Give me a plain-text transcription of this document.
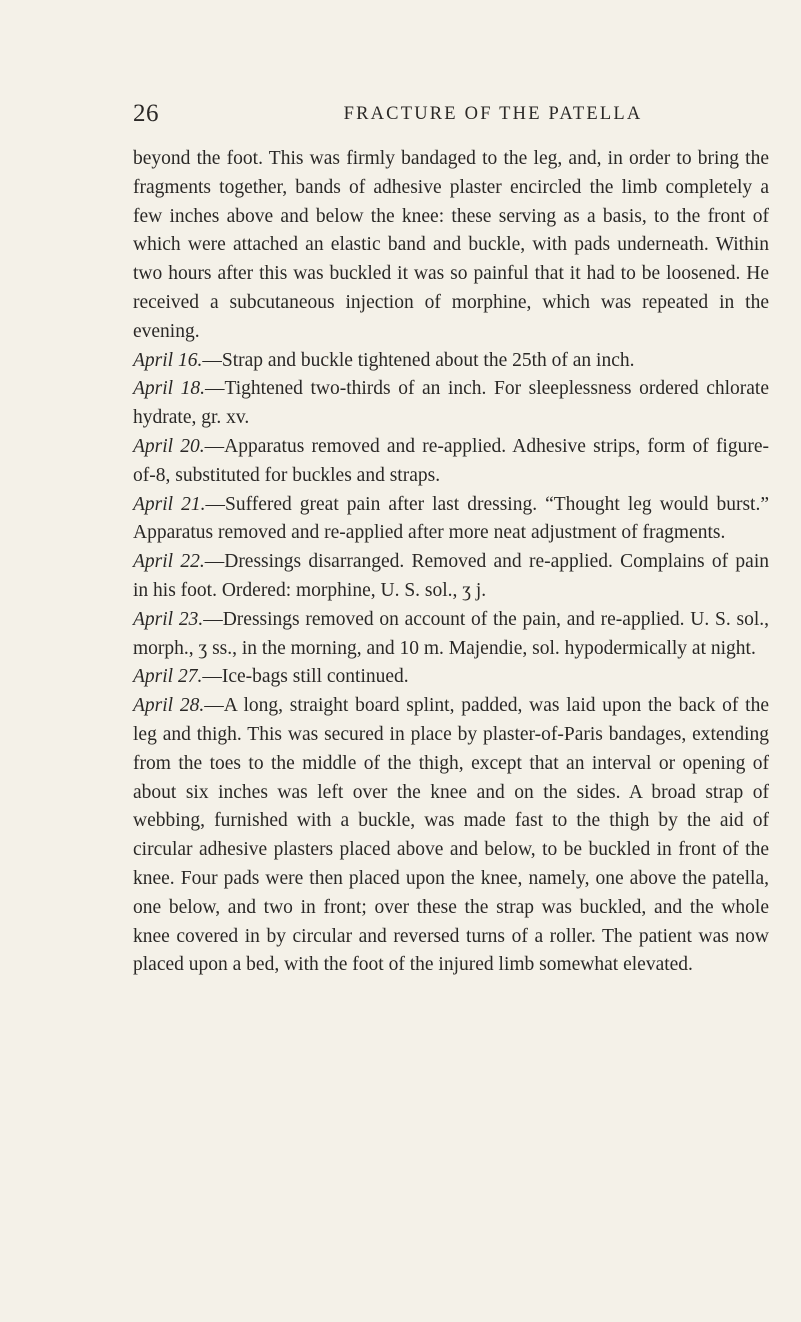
26	FRACTURE OF THE PATELLA

beyond the foot. This was firmly bandaged to the leg, and, in order to bring the fragments together, bands of adhesive plaster encircled the limb completely a few inches above and below the knee: these serving as a basis, to the front of which were attached an elastic band and buckle, with pads underneath. Within two hours after this was buckled it was so painful that it had to be loosened. He received a subcutaneous injection of morphine, which was repeated in the evening.

April 16.—Strap and buckle tightened about the 25th of an inch.

April 18.—Tightened two-thirds of an inch. For sleeplessness ordered chlorate hydrate, gr. xv.

April 20.—Apparatus removed and re-applied. Adhesive strips, form of figure-of-8, substituted for buckles and straps.

April 21.—Suffered great pain after last dressing. “Thought leg would burst.” Apparatus removed and re-applied after more neat adjustment of fragments.

April 22.—Dressings disarranged. Removed and re-applied. Complains of pain in his foot. Ordered: morphine, U. S. sol., ʒ j.

April 23.—Dressings removed on account of the pain, and re-applied. U. S. sol., morph., ʒ ss., in the morning, and 10 m. Majendie, sol. hypodermically at night.

April 27.—Ice-bags still continued.

April 28.—A long, straight board splint, padded, was laid upon the back of the leg and thigh. This was secured in place by plaster-of-Paris bandages, extending from the toes to the middle of the thigh, except that an interval or opening of about six inches was left over the knee and on the sides. A broad strap of webbing, furnished with a buckle, was made fast to the thigh by the aid of circular adhesive plasters placed above and below, to be buckled in front of the knee. Four pads were then placed upon the knee, namely, one above the patella, one below, and two in front; over these the strap was buckled, and the whole knee covered in by circular and reversed turns of a roller. The patient was now placed upon a bed, with the foot of the injured limb somewhat elevated.
